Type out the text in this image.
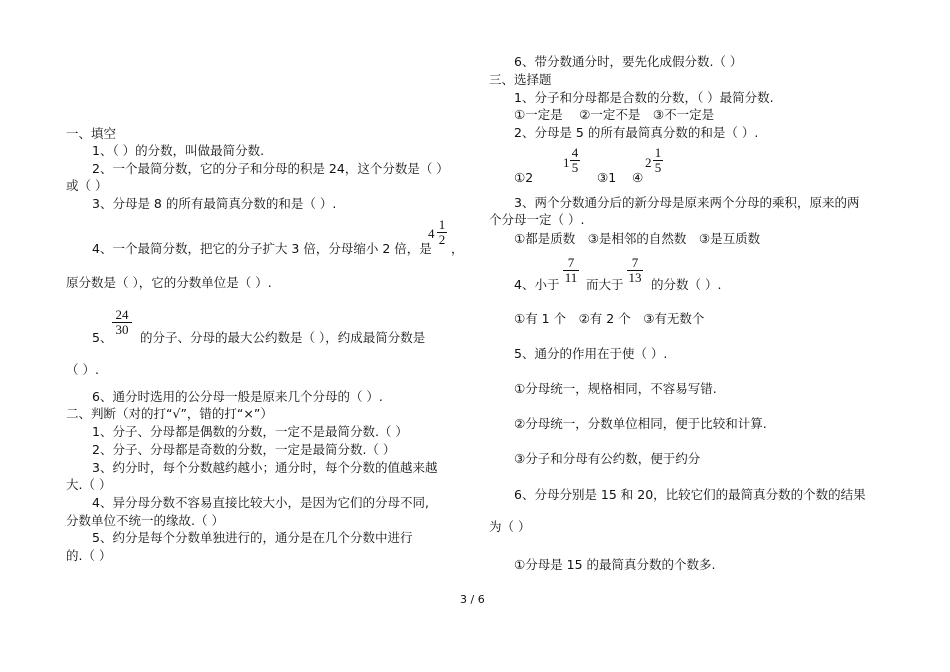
一、填空
1、（ ）的分数，叫做最简分数.
2、一个最简分数，它的分子和分母的积是 24，这个分数是（ ）
或（ ）
3、分母是 8 的所有最简真分数的和是（ ）.
4、一个最简分数，把它的分子扩大 3 倍，分母缩小 2 倍，是
4
1
2
，
原分数是（ ），它的分数单位是（ ）.
5、
24
30
的分子、分母的最大公约数是（ ），约成最简分数是
（ ）.
6、通分时选用的公分母一般是原来几个分母的（ ）.
二、判断（对的打“√”，错的打“×”）
1、分子、分母都是偶数的分数，一定不是最简分数.（ ）
2、分子、分母都是奇数的分数，一定是最简分数.（ ）
3、约分时，每个分数越约越小；通分时，每个分数的值越来越
大.（ ）
4、异分母分数不容易直接比较大小，是因为它们的分母不同,
分数单位不统一的缘故.（ ）
5、约分是每个分数单独进行的，通分是在几个分数中进行
的.（ ）
6、带分数通分时，要先化成假分数.（ ）
三、选择题
1、分子和分母都是合数的分数，（ ）最简分数.
①一定是　 ②一定不是　③不一定是
2、分母是 5 的所有最简真分数的和是（ ）.
①2
1
4
5
③1 ④
2
1
5
3、两个分数通分后的新分母是原来两个分母的乘积，原来的两
个分母一定（ ）.
①都是质数　③是相邻的自然数　③是互质数
4、小于
7
11 而大于
7
13 的分数（ ）.
①有 1 个　②有 2 个　③有无数个
5、通分的作用在于使（ ）.
①分母统一，规格相同，不容易写错.
②分母统一，分数单位相同，便于比较和计算.
③分子和分母有公约数，便于约分
6、分母分别是 15 和 20，比较它们的最简真分数的个数的结果
为（ ）
①分母是 15 的最简真分数的个数多.
3 / 6
